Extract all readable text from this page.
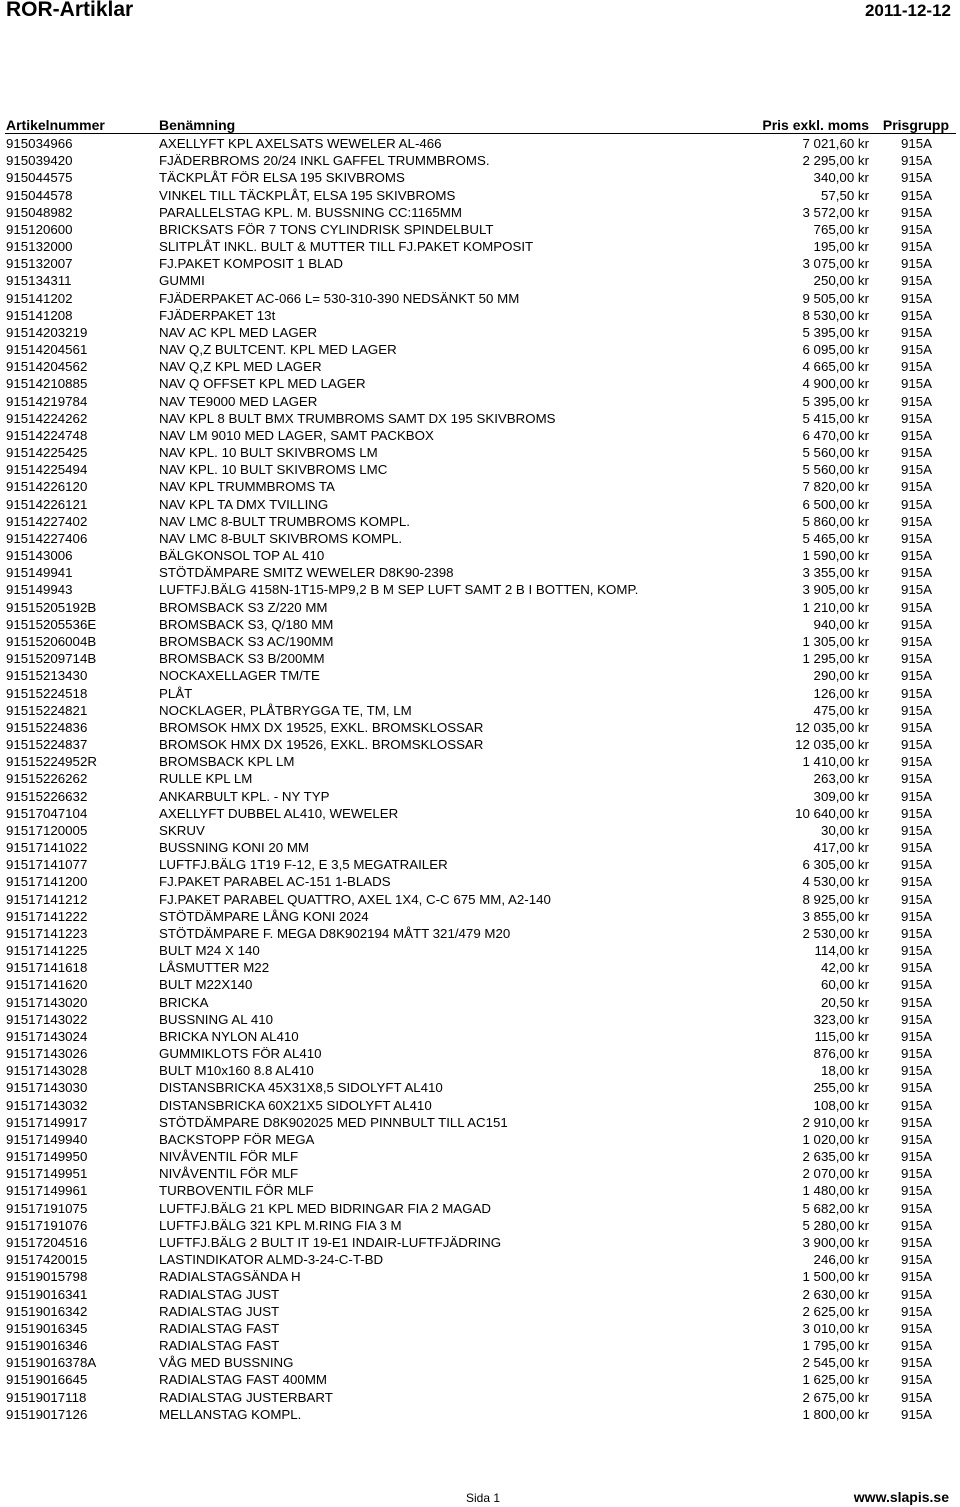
ROR-Artiklar	2011-12-12
Artikelnummer	Benämning	Pris exkl. moms Prisgrupp
915034966	AXELLYFT KPL AXELSATS WEWELER AL-466	7 021,60 kr 915A
915039420	FJÄDERBROMS 20/24 INKL GAFFEL TRUMMBROMS.	2 295,00 kr 915A
915044575	TÄCKPLÅT FÖR ELSA 195 SKIVBROMS	340,00 kr 915A
915044578	VINKEL TILL TÄCKPLÅT, ELSA 195 SKIVBROMS	57,50 kr 915A
915048982	PARALLELSTAG KPL. M. BUSSNING CC:1165MM	3 572,00 kr 915A
915120600	BRICKSATS FÖR 7 TONS CYLINDRISK SPINDELBULT	765,00 kr 915A
915132000	SLITPLÅT INKL. BULT & MUTTER TILL FJ.PAKET KOMPOSIT	195,00 kr 915A
915132007	FJ.PAKET KOMPOSIT 1 BLAD	3 075,00 kr 915A
915134311	GUMMI	250,00 kr 915A
915141202	FJÄDERPAKET AC-066 L= 530-310-390 NEDSÄNKT 50 MM	9 505,00 kr 915A
915141208	FJÄDERPAKET 13t	8 530,00 kr 915A
91514203219	NAV AC KPL MED LAGER	5 395,00 kr 915A
91514204561	NAV Q,Z BULTCENT. KPL MED LAGER	6 095,00 kr 915A
91514204562	NAV Q,Z KPL MED LAGER	4 665,00 kr 915A
91514210885	NAV Q OFFSET KPL MED LAGER	4 900,00 kr 915A
91514219784	NAV TE9000 MED LAGER	5 395,00 kr 915A
91514224262	NAV KPL 8 BULT BMX TRUMBROMS SAMT DX 195 SKIVBROMS	5 415,00 kr 915A
91514224748	NAV LM 9010 MED LAGER, SAMT PACKBOX	6 470,00 kr 915A
91514225425	NAV KPL. 10 BULT SKIVBROMS LM	5 560,00 kr 915A
91514225494	NAV KPL. 10 BULT SKIVBROMS LMC	5 560,00 kr 915A
91514226120	NAV KPL TRUMMBROMS TA	7 820,00 kr 915A
91514226121	NAV KPL TA DMX TVILLING	6 500,00 kr 915A
91514227402	NAV LMC 8-BULT TRUMBROMS KOMPL.	5 860,00 kr 915A
91514227406	NAV LMC 8-BULT SKIVBROMS KOMPL.	5 465,00 kr 915A
915143006	BÄLGKONSOL TOP AL 410	1 590,00 kr 915A
915149941	STÖTDÄMPARE SMITZ WEWELER D8K90-2398	3 355,00 kr 915A
915149943	LUFTFJ.BÄLG 4158N-1T15-MP9,2 B M SEP LUFT SAMT 2 B I BOTTEN, KOMP.	3 905,00 kr 915A
91515205192B	BROMSBACK S3 Z/220 MM	1 210,00 kr 915A
91515205536E	BROMSBACK S3, Q/180 MM	940,00 kr 915A
91515206004B	BROMSBACK S3 AC/190MM	1 305,00 kr 915A
91515209714B	BROMSBACK S3 B/200MM	1 295,00 kr 915A
91515213430	NOCKAXELLAGER TM/TE	290,00 kr 915A
91515224518	PLÅT	126,00 kr 915A
91515224821	NOCKLAGER, PLÅTBRYGGA TE, TM, LM	475,00 kr 915A
91515224836	BROMSOK HMX DX 19525, EXKL. BROMSKLOSSAR	12 035,00 kr 915A
91515224837	BROMSOK HMX DX 19526, EXKL. BROMSKLOSSAR	12 035,00 kr 915A
91515224952R	BROMSBACK KPL LM	1 410,00 kr 915A
91515226262	RULLE KPL LM	263,00 kr 915A
91515226632	ANKARBULT KPL. - NY TYP	309,00 kr 915A
91517047104	AXELLYFT DUBBEL AL410, WEWELER	10 640,00 kr 915A
91517120005	SKRUV	30,00 kr 915A
91517141022	BUSSNING KONI 20 MM	417,00 kr 915A
91517141077	LUFTFJ.BÄLG 1T19 F-12, E 3,5 MEGATRAILER	6 305,00 kr 915A
91517141200	FJ.PAKET PARABEL AC-151 1-BLADS	4 530,00 kr 915A
91517141212	FJ.PAKET PARABEL QUATTRO, AXEL 1X4, C-C 675 MM, A2-140	8 925,00 kr 915A
91517141222	STÖTDÄMPARE LÅNG KONI 2024	3 855,00 kr 915A
91517141223	STÖTDÄMPARE F. MEGA D8K902194 MÅTT 321/479 M20	2 530,00 kr 915A
91517141225	BULT M24 X 140	114,00 kr 915A
91517141618	LÅSMUTTER M22	42,00 kr 915A
91517141620	BULT M22X140	60,00 kr 915A
91517143020	BRICKA	20,50 kr 915A
91517143022	BUSSNING AL 410	323,00 kr 915A
91517143024	BRICKA NYLON AL410	115,00 kr 915A
91517143026	GUMMIKLOTS FÖR AL410	876,00 kr 915A
91517143028	BULT M10x160 8.8 AL410	18,00 kr 915A
91517143030	DISTANSBRICKA 45X31X8,5 SIDOLYFT AL410	255,00 kr 915A
91517143032	DISTANSBRICKA 60X21X5 SIDOLYFT AL410	108,00 kr 915A
91517149917	STÖTDÄMPARE D8K902025 MED PINNBULT TILL AC151	2 910,00 kr 915A
91517149940	BACKSTOPP FÖR MEGA	1 020,00 kr 915A
91517149950	NIVÅVENTIL FÖR MLF	2 635,00 kr 915A
91517149951	NIVÅVENTIL FÖR MLF	2 070,00 kr 915A
91517149961	TURBOVENTIL FÖR MLF	1 480,00 kr 915A
91517191075	LUFTFJ.BÄLG 21 KPL MED BIDRINGAR FIA 2 MAGAD	5 682,00 kr 915A
91517191076	LUFTFJ.BÄLG 321 KPL M.RING FIA 3 M	5 280,00 kr 915A
91517204516	LUFTFJ.BÄLG 2 BULT IT 19-E1 INDAIR-LUFTFJÄDRING	3 900,00 kr 915A
91517420015	LASTINDIKATOR ALMD-3-24-C-T-BD	246,00 kr 915A
91519015798	RADIALSTAGSÄNDA H	1 500,00 kr 915A
91519016341	RADIALSTAG JUST	2 630,00 kr 915A
91519016342	RADIALSTAG JUST	2 625,00 kr 915A
91519016345	RADIALSTAG FAST	3 010,00 kr 915A
91519016346	RADIALSTAG FAST	1 795,00 kr 915A
91519016378A	VÅG MED BUSSNING	2 545,00 kr 915A
91519016645	RADIALSTAG FAST 400MM	1 625,00 kr 915A
91519017118	RADIALSTAG JUSTERBART	2 675,00 kr 915A
91519017126	MELLANSTAG KOMPL.	1 800,00 kr 915A
Sida 1	www.slapis.se
